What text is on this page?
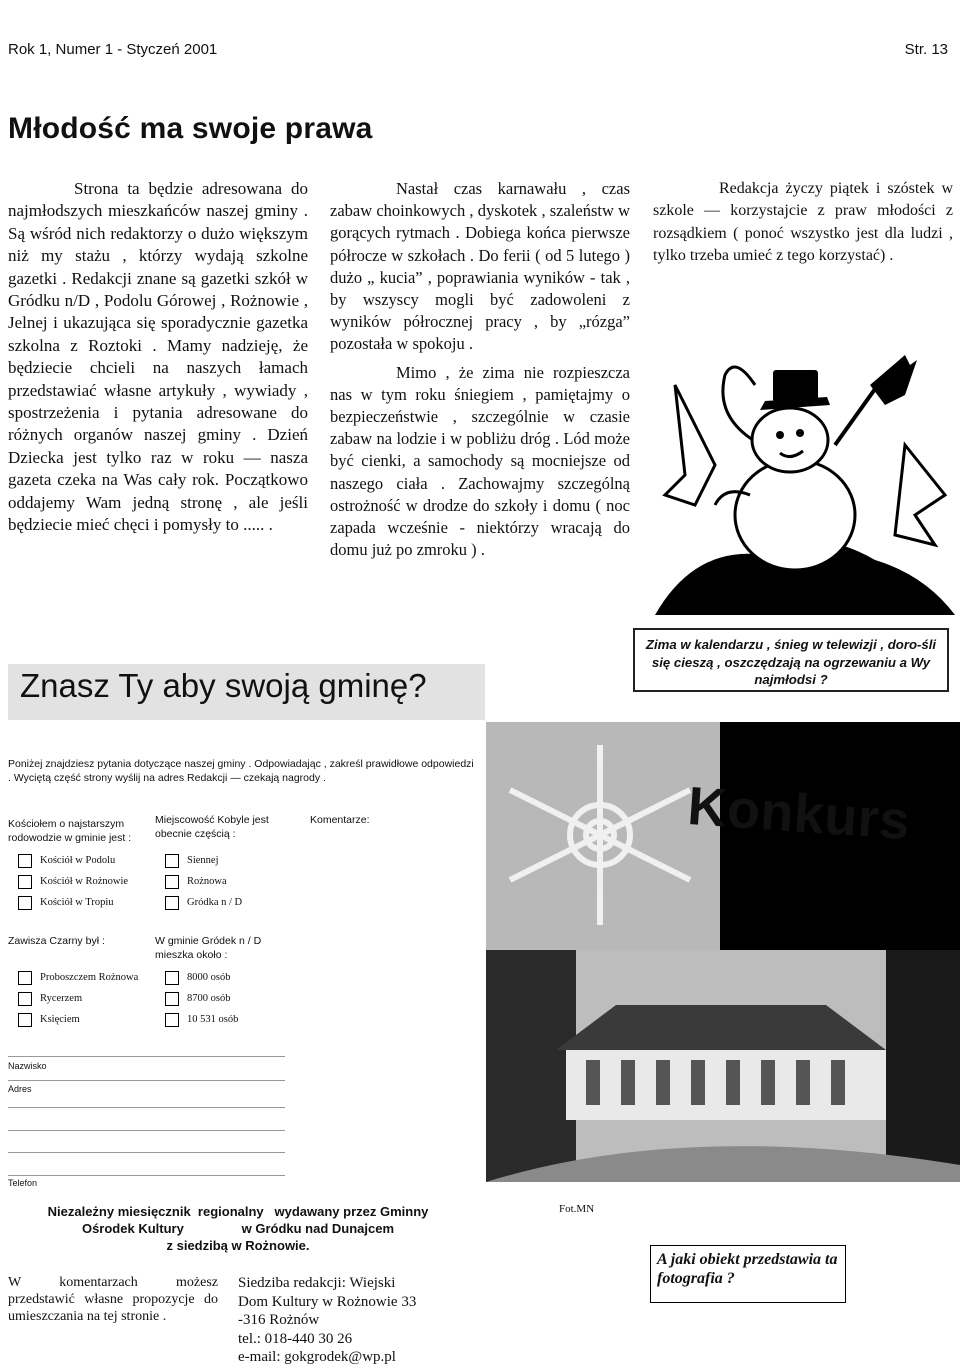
Rok 1, Numer 1 - Styczeń 2001	Str. 13
Młodość ma swoje prawa

Strona ta będzie adresowana do najmłodszych mieszkańców naszej gminy . Są wśród nich redaktorzy o dużo większym niż my stażu , którzy wydają szkolne gazetki . Redakcji znane są gazetki szkół w Gródku n/D , Podolu Górowej , Rożnowie , Jelnej i ukazująca się sporadycznie gazetka szkolna z Roztoki . Mamy nadzieję, że będziecie chcieli na naszych łamach przedstawiać własne artykuły , wywiady , spostrzeżenia i pytania adresowane do różnych organów naszej gminy . Dzień Dziecka jest tylko raz w roku — nasza gazeta czeka na Was cały rok. Początkowo oddajemy Wam jedną stronę , ale jeśli będziecie mieć chęci i pomysły to ..... .

Nastał czas karnawału , czas zabaw choinkowych , dyskotek , szaleństw w gorących rytmach . Dobiega końca pierwsze półrocze w szkołach . Do ferii ( od 5 lutego ) dużo „ kucia” , poprawiania wyników - tak , by wszyscy mogli być zadowoleni z wyników półrocznej pracy , by „rózga” pozostała w spokoju .

Mimo , że zima nie rozpieszcza nas w tym roku śniegiem , pamiętajmy o bezpieczeństwie , szczególnie w czasie zabaw na lodzie i w pobliżu dróg . Lód może być cienki, a samochody są mocniejsze od naszego ciała . Zachowajmy szczególną ostrożność w drodze do szkoły i domu ( noc zapada wcześnie - niektórzy wracają do domu już po zmroku ) .

Redakcja życzy piątek i szóstek w szkole — korzystajcie z praw młodości z rozsądkiem ( ponoć wszystko jest dla ludzi , tylko trzeba umieć z tego korzystać) .

Zima w kalendarzu , śnieg w telewizji , doro-śli się cieszą , oszczędzają na ogrzewaniu a Wy najmłodsi ?
Znasz Ty aby swoją gminę?
Konkurs
Poniżej znajdziesz pytania dotyczące naszej gminy . Odpowiadając , zakreśl prawidłowe odpowiedzi . Wyciętą część strony wyślij na adres Redakcji — czekają nagrody .
Kościołem o najstarszym rodowodzie w gminie jest :
Kościół w Podolu
Kościół w Rożnowie
Kościół w Tropiu
Miejscowość Kobyle jest obecnie częścią :
Siennej
Rożnowa
Gródka n / D
Komentarze:
Zawisza Czarny był :
Proboszczem Rożnowa
Rycerzem
Księciem
W gminie Gródek n / D mieszka około :
8000 osób
8700 osób
10 531 osób
Nazwisko
Adres
Telefon
Niezależny miesięcznik  regionalny   wydawany przez Gminny
Ośrodek Kultury                w Gródku nad Dunajcem
z siedzibą w Rożnowie.
W komentarzach możesz przedstawić własne propozycje do umieszczania na tej stronie .
Siedziba redakcji: Wiejski
Dom Kultury w Rożnowie 33
-316 Rożnów
tel.: 018-440 30 26
e-mail: gokgrodek@wp.pl
Fot.MN
A jaki obiekt przedstawia ta fotografia ?
